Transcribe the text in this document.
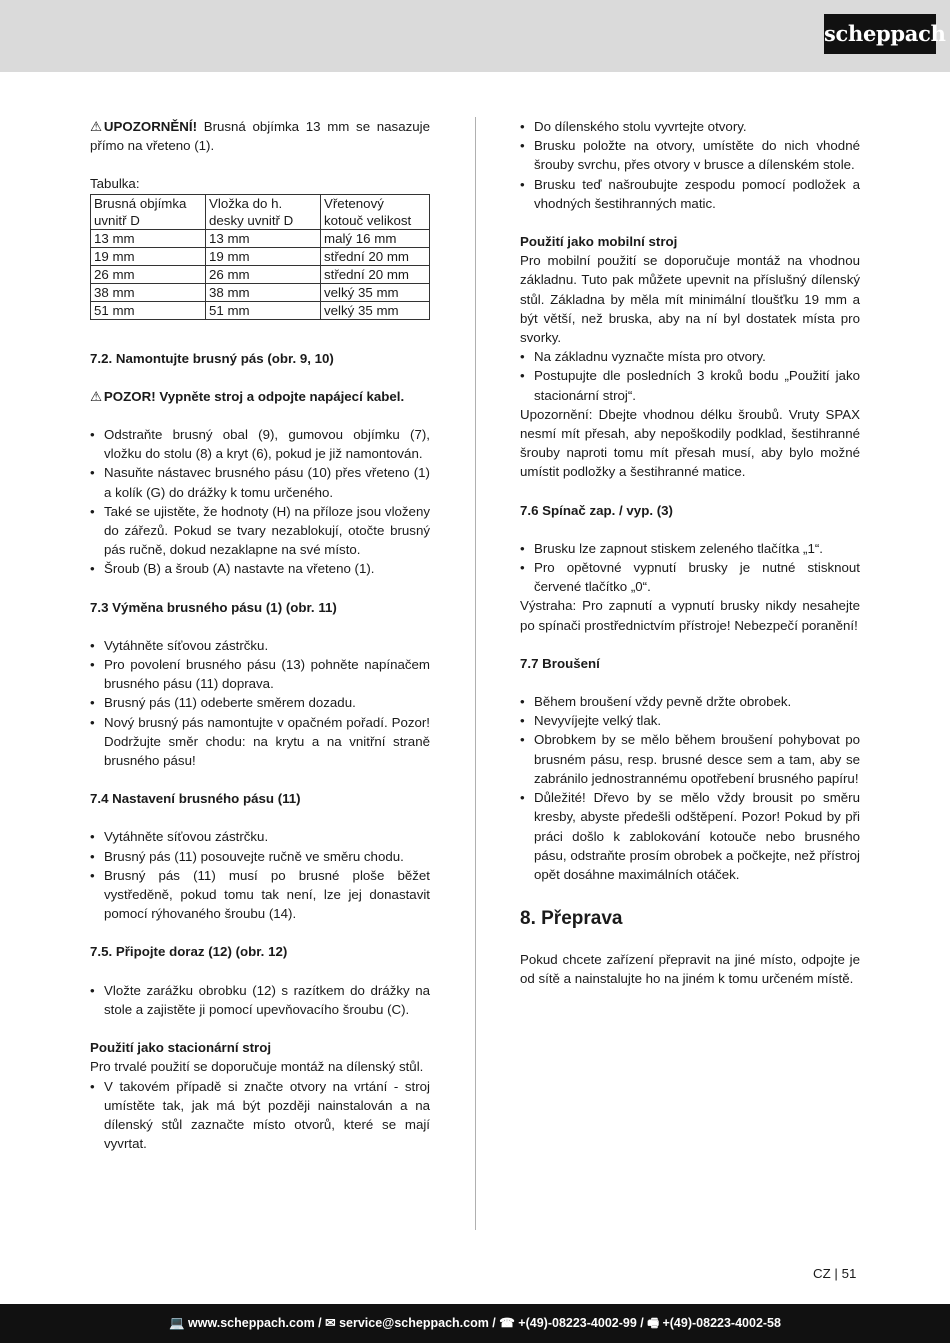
scheppach

⚠ UPOZORNĚNÍ! Brusná objímka 13 mm se nasazuje přímo na vřeteno (1).

Tabulka:

Brusná objímka uvnitř D	Vložka do h. desky uvnitř D	Vřetenový kotouč velikost
13 mm	13 mm	malý 16 mm
19 mm	19 mm	střední 20 mm
26 mm	26 mm	střední 20 mm
38 mm	38 mm	velký 35 mm
51 mm	51 mm	velký 35 mm

7.2. Namontujte brusný pás (obr. 9, 10)

⚠ POZOR! Vypněte stroj a odpojte napájecí kabel.

• Odstraňte brusný obal (9), gumovou objímku (7), vložku do stolu (8) a kryt (6), pokud je již namontován.
• Nasuňte nástavec brusného pásu (10) přes vřeteno (1) a kolík (G) do drážky k tomu určeného.
• Také se ujistěte, že hodnoty (H) na příloze jsou vloženy do zářezů. Pokud se tvary nezablokují, otočte brusný pás ručně, dokud nezaklapne na své místo.
• Šroub (B) a šroub (A) nastavte na vřeteno (1).

7.3 Výměna brusného pásu (1) (obr. 11)

• Vytáhněte síťovou zástrčku.
• Pro povolení brusného pásu (13) pohněte napínačem brusného pásu (11) doprava.
• Brusný pás (11) odeberte směrem dozadu.
• Nový brusný pás namontujte v opačném pořadí. Pozor! Dodržujte směr chodu: na krytu a na vnitřní straně brusného pásu!

7.4 Nastavení brusného pásu (11)

• Vytáhněte síťovou zástrčku.
• Brusný pás (11) posouvejte ručně ve směru chodu.
• Brusný pás (11) musí po brusné ploše běžet vystředěně, pokud tomu tak není, lze jej donastavit pomocí rýhovaného šroubu (14).

7.5. Připojte doraz (12) (obr. 12)

• Vložte zarážku obrobku (12) s razítkem do drážky na stole a zajistěte ji pomocí upevňovacího šroubu (C).

Použití jako stacionární stroj

Pro trvalé použití se doporučuje montáž na dílenský stůl.

• V takovém případě si značte otvory na vrtání - stroj umístěte tak, jak má být později nainstalován a na dílenský stůl zaznačte místo otvorů, které se mají vyvrtat.
• Do dílenského stolu vyvrtejte otvory.
• Brusku položte na otvory, umístěte do nich vhodné šrouby svrchu, přes otvory v brusce a dílenském stole.
• Brusku teď našroubujte zespodu pomocí podložek a vhodných šestihranných matic.

Použití jako mobilní stroj

Pro mobilní použití se doporučuje montáž na vhodnou základnu. Tuto pak můžete upevnit na příslušný dílenský stůl. Základna by měla mít minimální tloušťku 19 mm a být větší, než bruska, aby na ní byl dostatek místa pro svorky.

• Na základnu vyznačte místa pro otvory.
• Postupujte dle posledních 3 kroků bodu „Použití jako stacionární stroj“.

Upozornění: Dbejte vhodnou délku šroubů. Vruty SPAX nesmí mít přesah, aby nepoškodily podklad, šestihranné šrouby naproti tomu mít přesah musí, aby bylo možné umístit podložky a šestihranné matice.

7.6 Spínač zap. / vyp. (3)

• Brusku lze zapnout stiskem zeleného tlačítka „1“.
• Pro opětovné vypnutí brusky je nutné stisknout červené tlačítko „0“.

Výstraha: Pro zapnutí a vypnutí brusky nikdy nesahejte po spínači prostřednictvím přístroje! Nebezpečí poranění!

7.7 Broušení

• Během broušení vždy pevně držte obrobek.
• Nevyvíjejte velký tlak.
• Obrobkem by se mělo během broušení pohybovat po brusném pásu, resp. brusné desce sem a tam, aby se zabránilo jednostrannému opotřebení brusného papíru!
• Důležité! Dřevo by se mělo vždy brousit po směru kresby, abyste předešli odštěpení. Pozor! Pokud by při práci došlo k zablokování kotouče nebo brusného pásu, odstraňte prosím obrobek a počkejte, než přístroj opět dosáhne maximálních otáček.

8. Přeprava

Pokud chcete zařízení přepravit na jiné místo, odpojte je od sítě a nainstalujte ho na jiném k tomu určeném místě.

CZ | 51
💻 www.scheppach.com / ✉ service@scheppach.com / ☎ +(49)-08223-4002-99 / 🖷 +(49)-08223-4002-58
